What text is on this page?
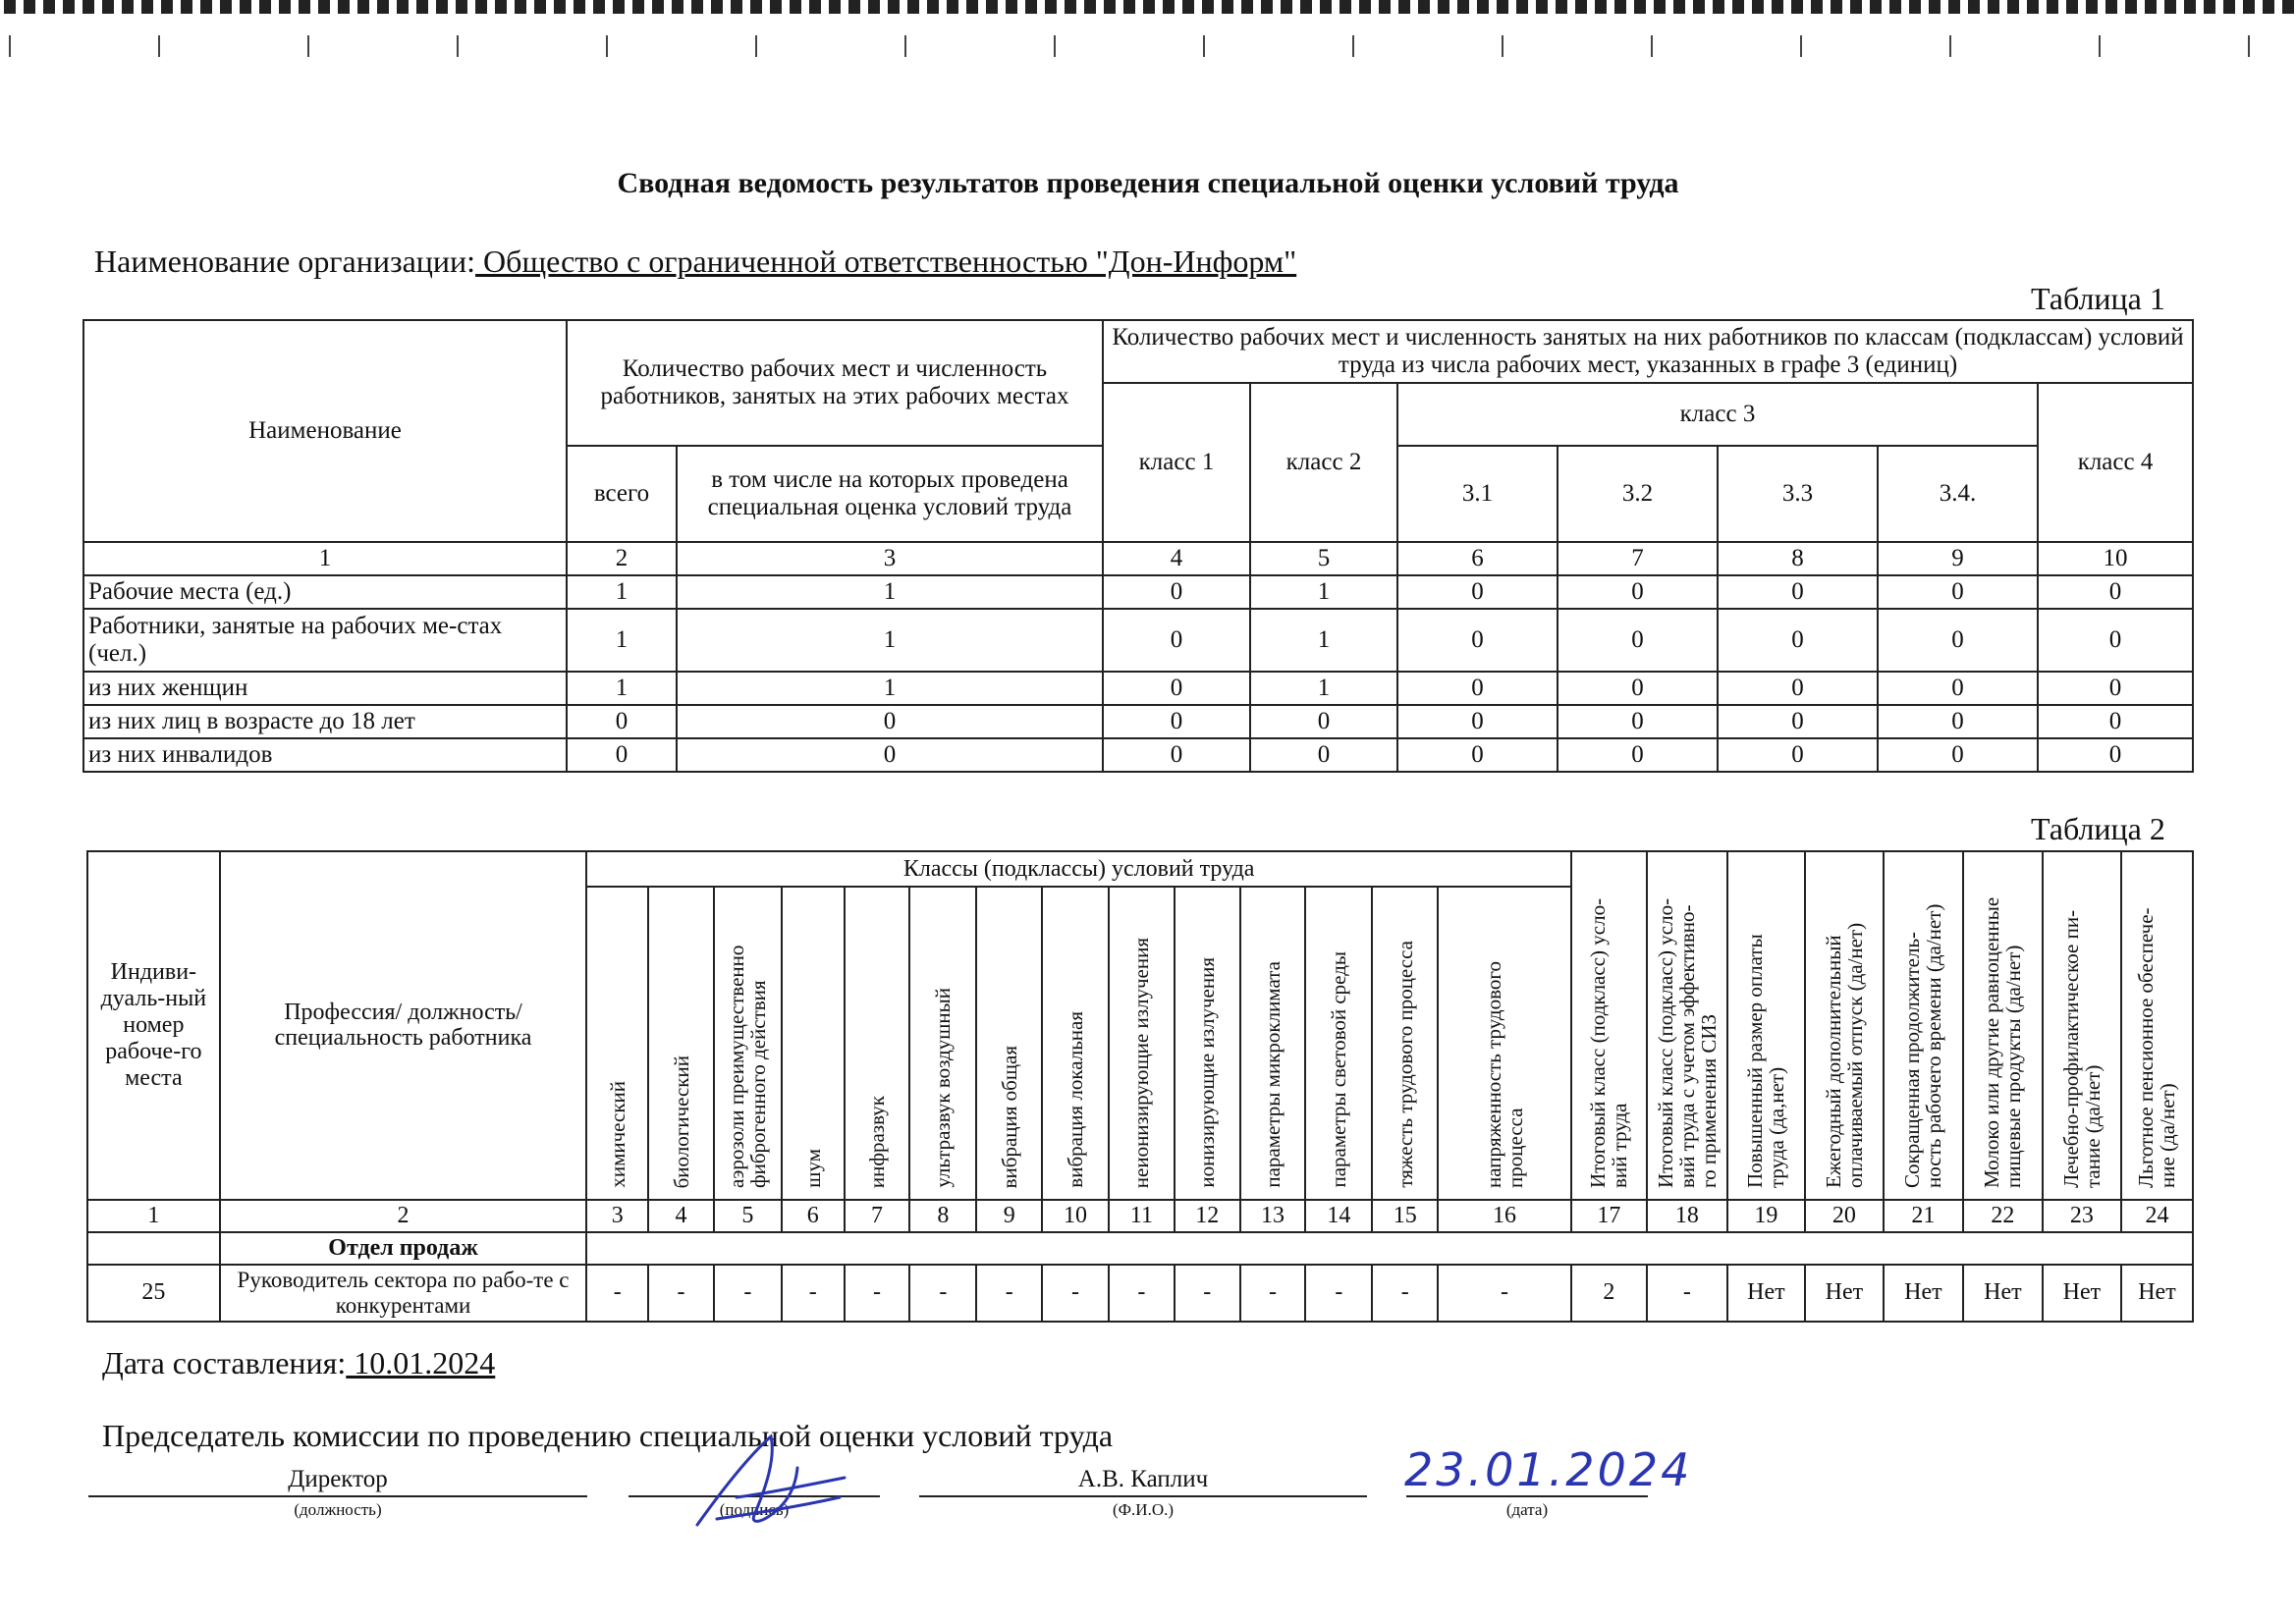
Сводная ведомость результатов проведения специальной оценки условий труда
Наименование организации: Общество с ограниченной ответственностью "Дон-Информ"
Таблица 1
Наименование	Количество рабочих мест и численность работников, занятых на этих рабочих местах		Количество рабочих мест и численность занятых на них работников по классам (подклассам) условий труда из числа рабочих мест, указанных в графе 3 (единиц)						
			класс 1	класс 2	класс 3				класс 4
	всего	в том числе на которых проведена специальная оценка условий труда			3.1	3.2	3.3	3.4.	
1	2	3	4	5	6	7	8	9	10
Рабочие места (ед.)	1	1	0	1	0	0	0	0	0
Работники, занятые на рабочих ме-стах (чел.)	1	1	0	1	0	0	0	0	0
из них женщин	1	1	0	1	0	0	0	0	0
из них лиц в возрасте до 18 лет	0	0	0	0	0	0	0	0	0
из них инвалидов	0	0	0	0	0	0	0	0	0
Таблица 2
Индиви-дуаль-ный номер рабоче-го места	Профессия/ должность/ специальность работника	Классы (подклассы) условий труда														Итоговый класс (подкласс) усло-вий труда	Итоговый класс (подкласс) усло-вий труда с учетом эффективно-го применения СИЗ	Повышенный размер оплаты труда (да,нет)	Ежегодный дополнительный оплачиваемый отпуск (да/нет)	Сокращенная продолжитель-ность рабочего времени (да/нет)	Молоко или другие равноценные пищевые продукты (да/нет)	Лечебно-профилактическое пи-тание (да/нет)	Льготное пенсионное обеспече-ние (да/нет)
		химический	биологический	аэрозоли преимущественно фиброгенного действия	шум	инфразвук	ультразвук воздушный	вибрация общая	вибрация локальная	неионизирующие излучения	ионизирующие излучения	параметры микроклимата	параметры световой среды	тяжесть трудового процесса	напряженность трудового процесса								
1	2	3	4	5	6	7	8	9	10	11	12	13	14	15	16	17	18	19	20	21	22	23	24
	Отдел продаж																						
25	Руководитель сектора по рабо-те с конкурентами	-	-	-	-	-	-	-	-	-	-	-	-	-	-	2	-	Нет	Нет	Нет	Нет	Нет	Нет
Дата составления: 10.01.2024
Председатель комиссии по проведению специальной оценки условий труда
Директор	А.В. Каплич
(должность)	(подпись)	(Ф.И.О.)	(дата)
23.01.2024
